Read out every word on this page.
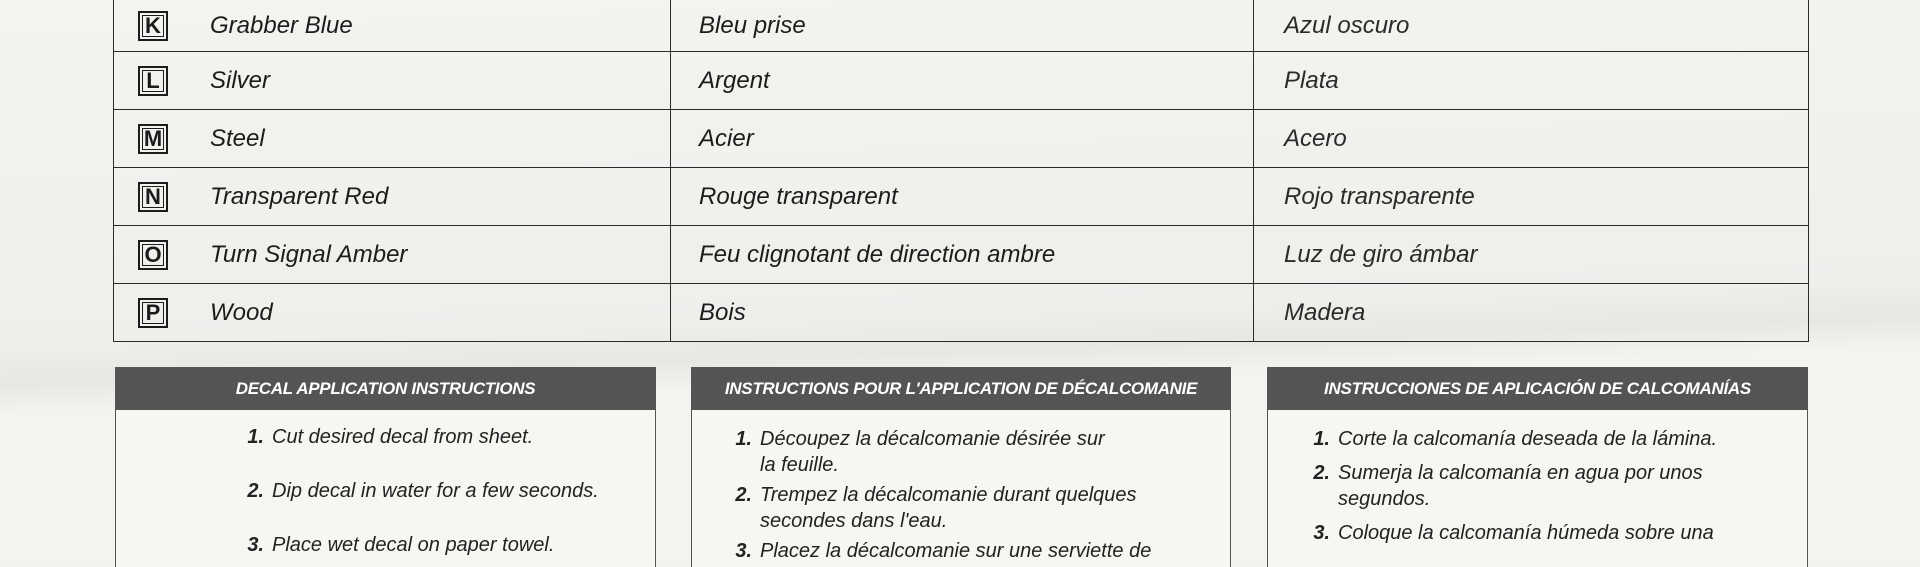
K Grabber Blue	Bleu prise	Azul oscuro

L Silver	Argent	Plata

M Steel	Acier	Acero

N Transparent Red	Rouge transparent	Rojo transparente

O Turn Signal Amber	Feu clignotant de direction ambre	Luz de giro ámbar

P Wood	Bois	Madera
DECAL APPLICATION INSTRUCTIONS
1. Cut desired decal from sheet.
2. Dip decal in water for a few seconds.
3. Place wet decal on paper towel.
INSTRUCTIONS POUR L'APPLICATION DE DÉCALCOMANIE
1. Découpez la décalcomanie désirée sur
la feuille.
2. Trempez la décalcomanie durant quelques
secondes dans l'eau.
3. Placez la décalcomanie sur une serviette de
INSTRUCCIONES DE APLICACIÓN DE CALCOMANÍAS
1. Corte la calcomanía deseada de la lámina.
2. Sumerja la calcomanía en agua por unos
segundos.
3. Coloque la calcomanía húmeda sobre una
